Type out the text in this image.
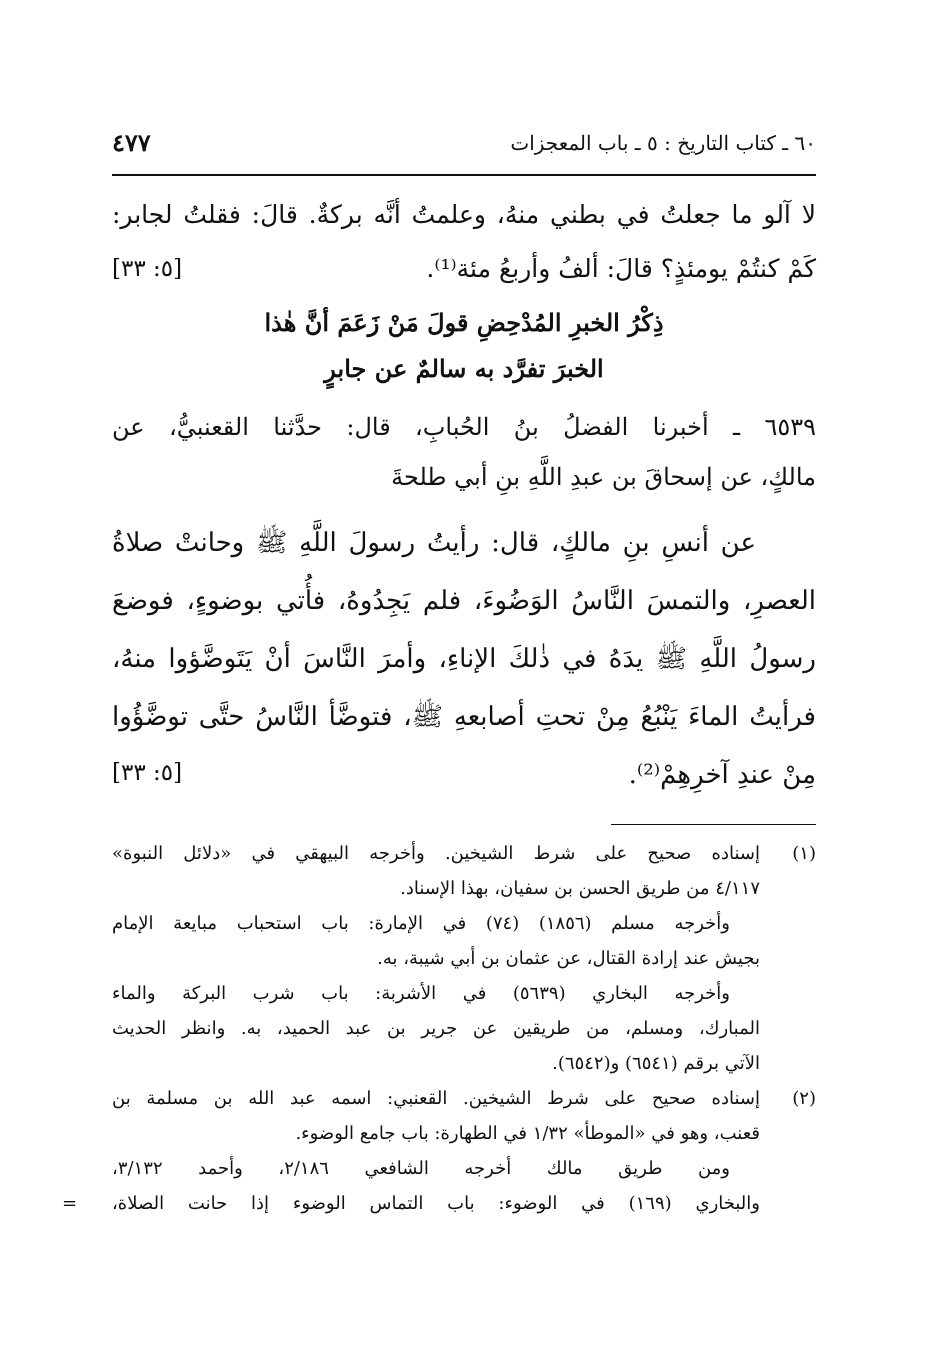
٦٠ ـ كتاب التاريخ : ٥ ـ باب المعجزات
٤٧٧
لا آلو ما جعلتُ في بطني منهُ، وعلمتُ أنَّه بركةٌ. قالَ: فقلتُ لجابر:
كَمْ كنتُمْ يومئذٍ؟ قالَ: ألفُ وأربعُ مئة⁽¹⁾.
[٥: ٣٣]
ذِكْرُ الخبرِ المُدْحِضِ قولَ مَنْ زَعَمَ أنَّ هٰذا
الخبرَ تفرَّد به سالمٌ عن جابرٍ
٦٥٣٩ ـ أخبرنا الفضلُ بنُ الحُبابِ، قال: حدَّثنا القعنبيُّ، عن
مالكٍ، عن إسحاقَ بن عبدِ اللَّهِ بنِ أبي طلحةَ
عن أنسِ بنِ مالكٍ، قال: رأيتُ رسولَ اللَّهِ ﷺ وحانتْ صلاةُ
العصرِ، والتمسَ النَّاسُ الوَضُوءَ، فلم يَجِدُوهُ، فأُتي بوضوءٍ، فوضعَ
رسولُ اللَّهِ ﷺ يدَهُ في ذٰلكَ الإناءِ، وأمرَ النَّاسَ أنْ يَتَوضَّؤوا منهُ،
فرأيتُ الماءَ يَنْبُعُ مِنْ تحتِ أصابعهِ ﷺ، فتوضَّأ النَّاسُ حتَّى توضَّؤُوا
مِنْ عندِ آخرِهِمْ⁽²⁾.
[٥: ٣٣]
(١)
إسناده صحيح على شرط الشيخين. وأخرجه البيهقي في «دلائل النبوة»
٤/١١٧ من طريق الحسن بن سفيان، بهذا الإسناد.
وأخرجه مسلم (١٨٥٦) (٧٤) في الإمارة: باب استحباب مبايعة الإمام
بجيش عند إرادة القتال، عن عثمان بن أبي شيبة، به.
وأخرجه البخاري (٥٦٣٩) في الأشربة: باب شرب البركة والماء
المبارك، ومسلم، من طريقين عن جرير بن عبد الحميد، به. وانظر الحديث
الآتي برقم (٦٥٤١) و(٦٥٤٢).
(٢)
إسناده صحيح على شرط الشيخين. القعنبي: اسمه عبد الله بن مسلمة بن
قعنب، وهو في «الموطأ» ١/٣٢ في الطهارة: باب جامع الوضوء.
ومن طريق مالك أخرجه الشافعي ٢/١٨٦، وأحمد ٣/١٣٢،
والبخاري (١٦٩) في الوضوء: باب التماس الوضوء إذا حانت الصلاة،
=
